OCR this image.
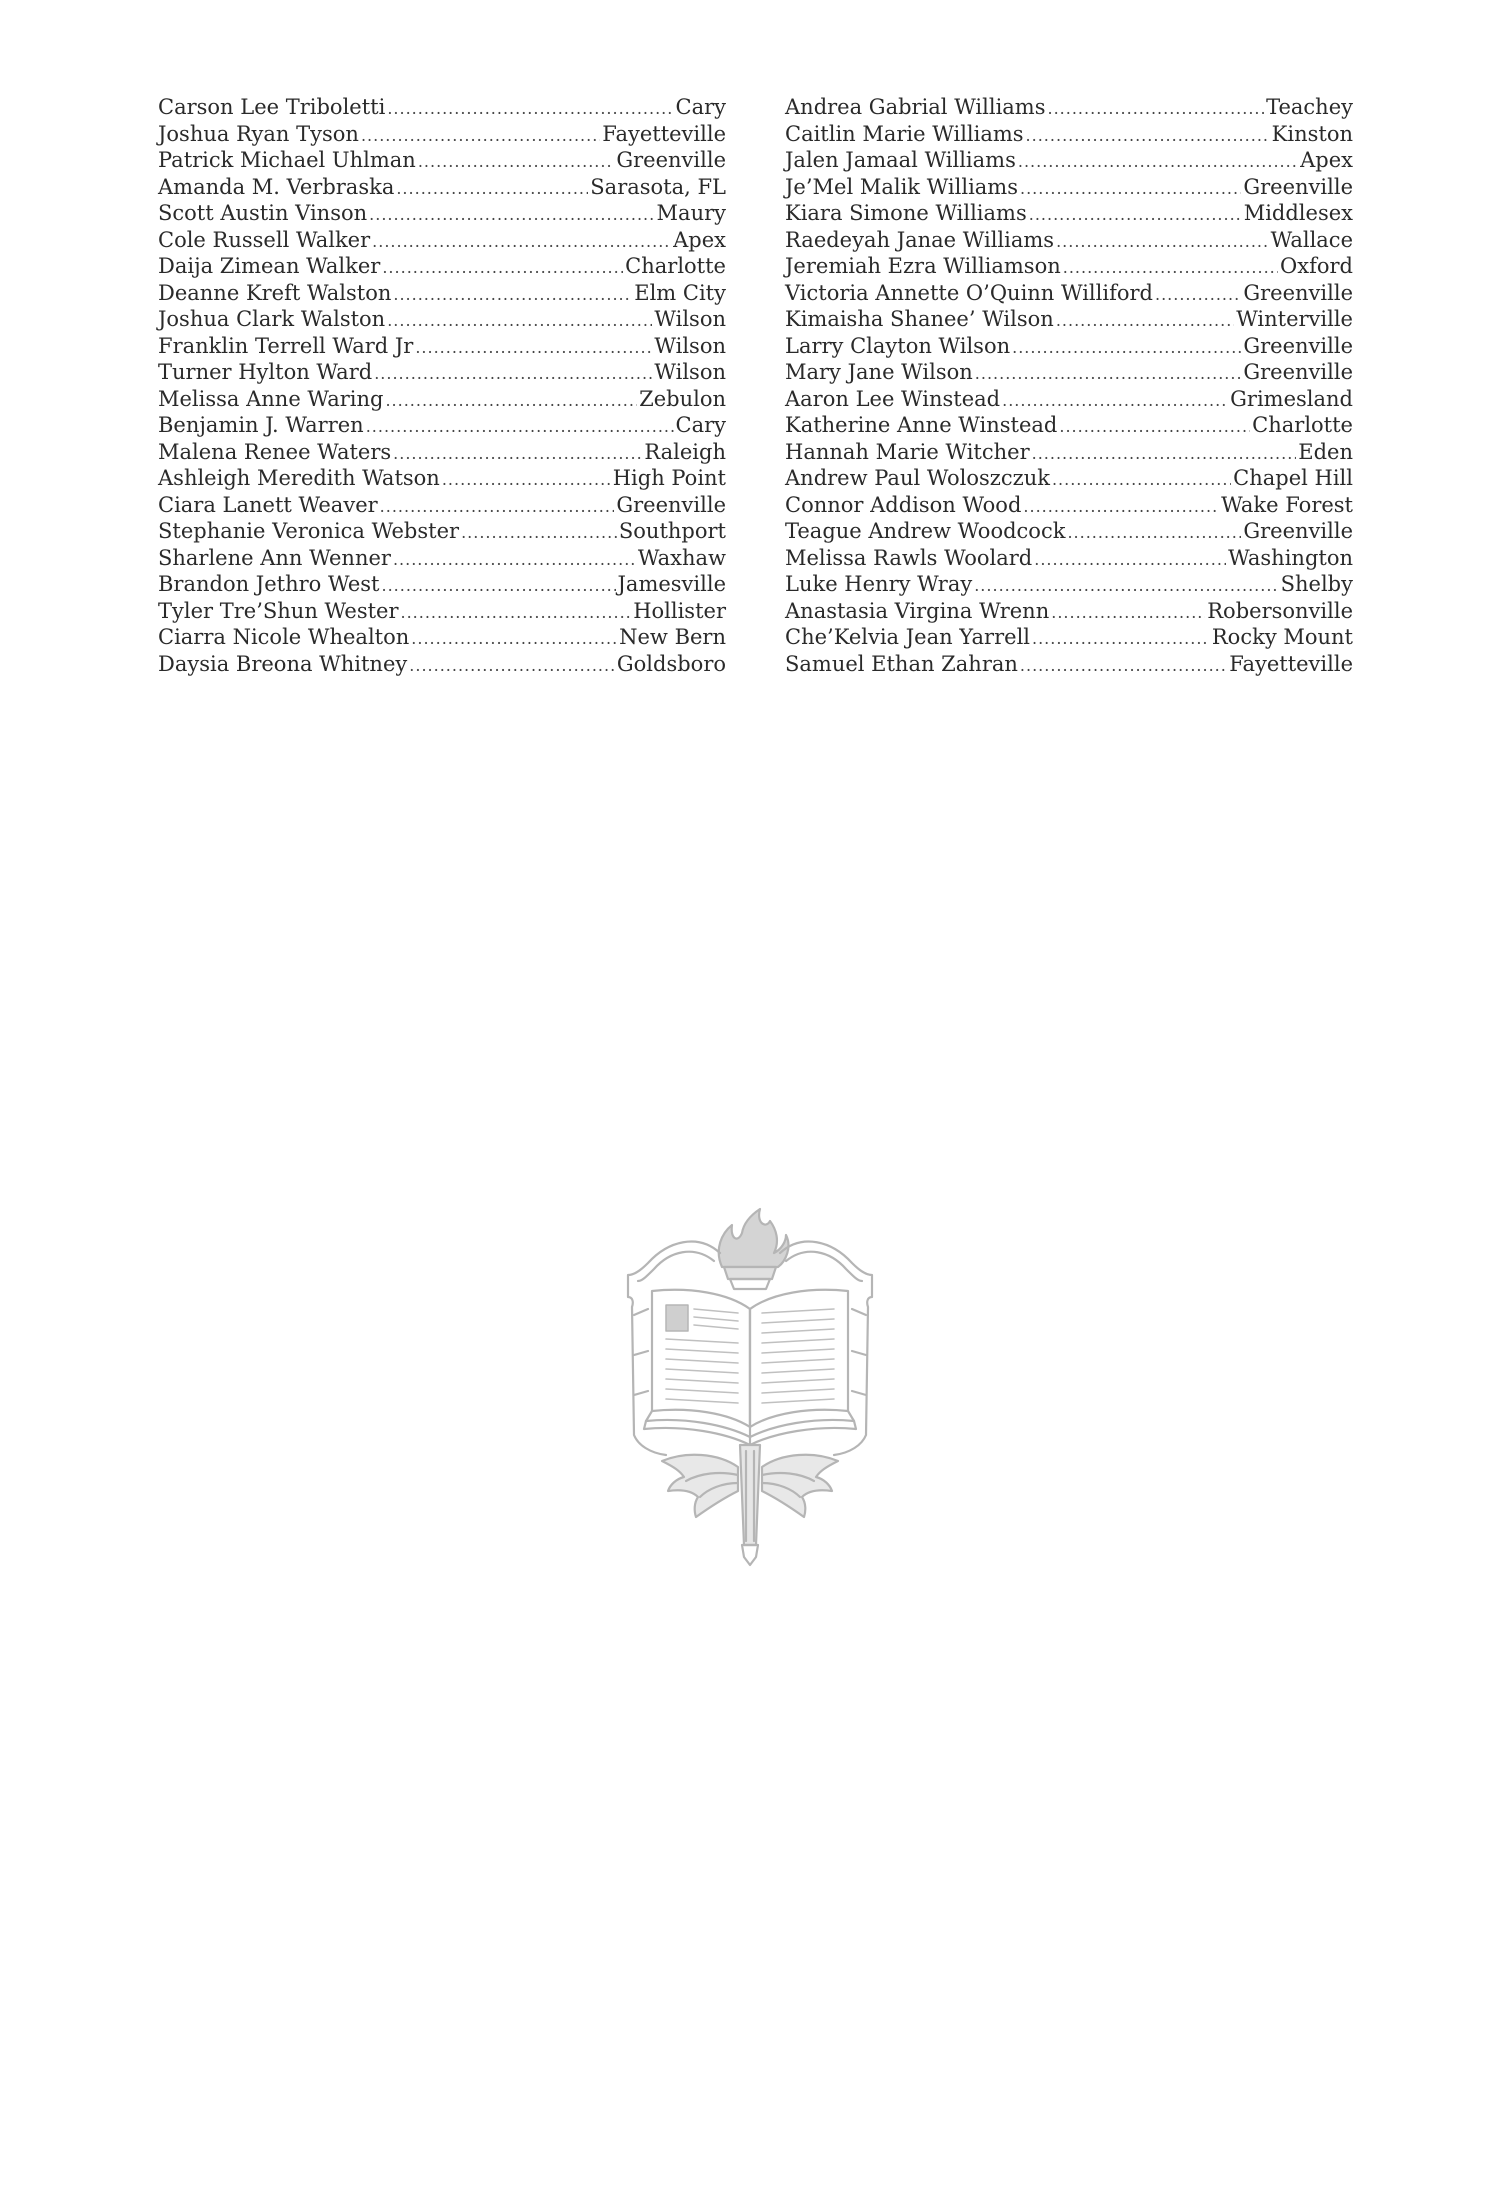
Carson Lee Triboletti .....	Cary
Joshua Ryan Tyson .....	Fayetteville
Patrick Michael Uhlman .....	Greenville
Amanda M. Verbraska .....	Sarasota, FL
Scott Austin Vinson .....	Maury
Cole Russell Walker .....	Apex
Daija Zimean Walker .....	Charlotte
Deanne Kreft Walston .....	Elm City
Joshua Clark Walston .....	Wilson
Franklin Terrell Ward Jr .....	Wilson
Turner Hylton Ward .....	Wilson
Melissa Anne Waring .....	Zebulon
Benjamin J. Warren .....	Cary
Malena Renee Waters .....	Raleigh
Ashleigh Meredith Watson .....	High Point
Ciara Lanett Weaver .....	Greenville
Stephanie Veronica Webster .....	Southport
Sharlene Ann Wenner .....	Waxhaw
Brandon Jethro West .....	Jamesville
Tyler Tre’Shun Wester .....	Hollister
Ciarra Nicole Whealton .....	New Bern
Daysia Breona Whitney .....	Goldsboro
Andrea Gabrial Williams .....	Teachey
Caitlin Marie Williams .....	Kinston
Jalen Jamaal Williams .....	Apex
Je’Mel Malik Williams .....	Greenville
Kiara Simone Williams .....	Middlesex
Raedeyah Janae Williams .....	Wallace
Jeremiah Ezra Williamson .....	Oxford
Victoria Annette O’Quinn Williford .....	Greenville
Kimaisha Shanee’ Wilson .....	Winterville
Larry Clayton Wilson .....	Greenville
Mary Jane Wilson .....	Greenville
Aaron Lee Winstead .....	Grimesland
Katherine Anne Winstead .....	Charlotte
Hannah Marie Witcher .....	Eden
Andrew Paul Woloszczuk .....	Chapel Hill
Connor Addison Wood .....	Wake Forest
Teague Andrew Woodcock .....	Greenville
Melissa Rawls Woolard .....	Washington
Luke Henry Wray .....	Shelby
Anastasia Virgina Wrenn .....	Robersonville
Che’Kelvia Jean Yarrell .....	Rocky Mount
Samuel Ethan Zahran .....	Fayetteville
